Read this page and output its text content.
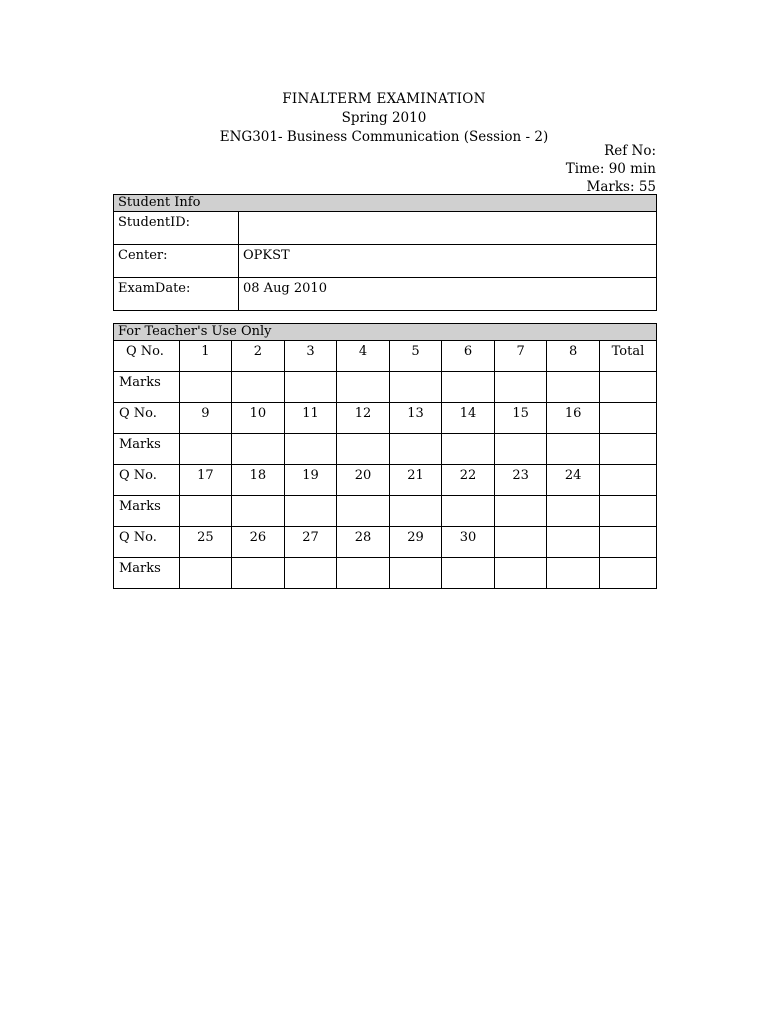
FINALTERM EXAMINATION
Spring 2010
ENG301- Business Communication (Session - 2)
Ref No:
Time: 90 min
Marks: 55
Student Info	
StudentID:	
Center:	OPKST
ExamDate:	08 Aug 2010
For Teacher's Use Only									
Q No.	1	2	3	4	5	6	7	8	Total
Marks									
Q No.	9	10	11	12	13	14	15	16	
Marks									
Q No.	17	18	19	20	21	22	23	24	
Marks									
Q No.	25	26	27	28	29	30			
Marks									
